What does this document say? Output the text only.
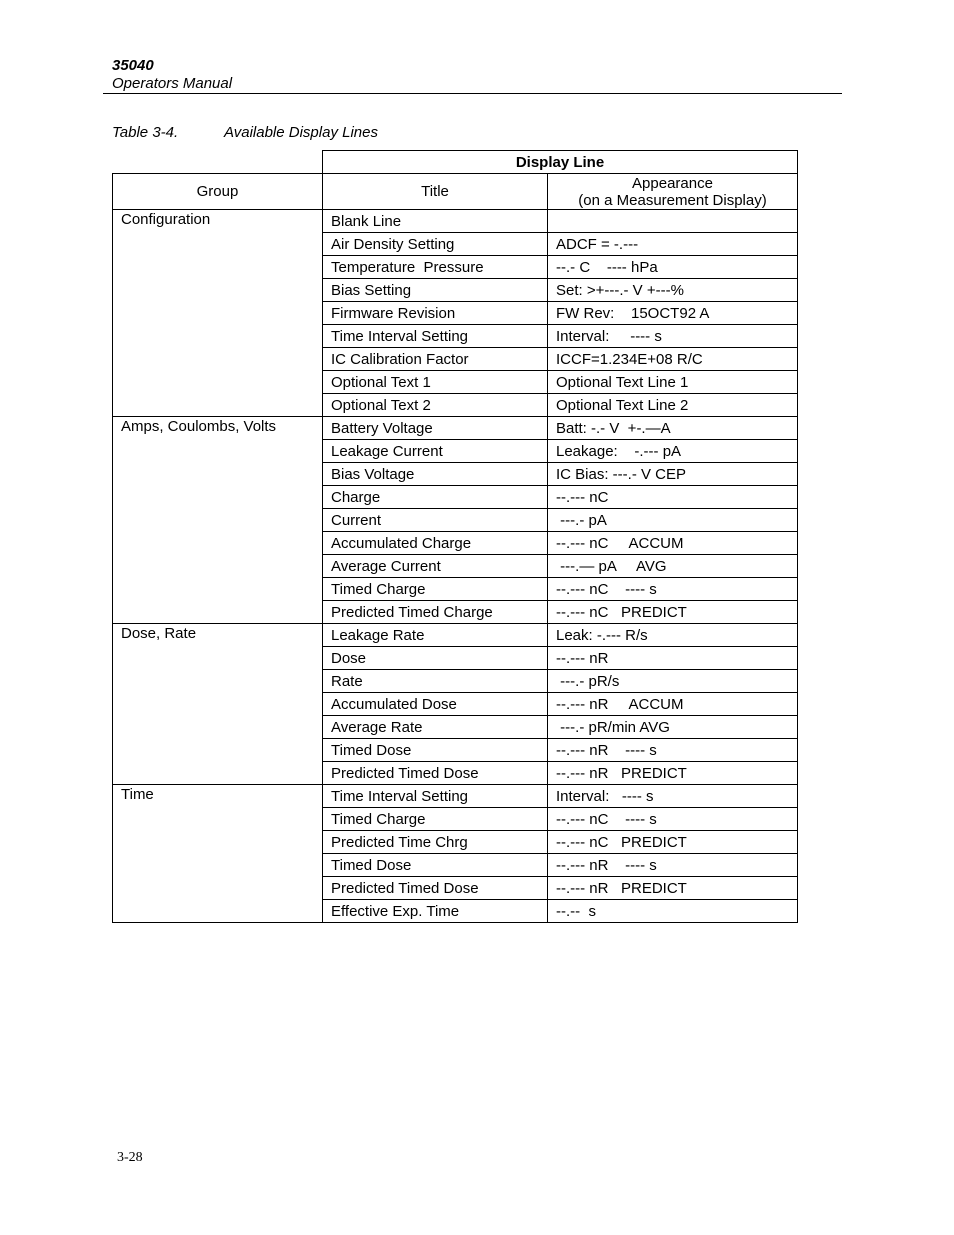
35040
Operators Manual
Table 3-4.	Available Display Lines
	Display Line	
Group	Title	Appearance
(on a Measurement Display)
Configuration	Blank Line	
	Air Density Setting	ADCF = -.---
	Temperature  Pressure	--.- C    ---- hPa
	Bias Setting	Set: >+---.- V +---%
	Firmware Revision	FW Rev:    15OCT92 A
	Time Interval Setting	Interval:     ---- s
	IC Calibration Factor	ICCF=1.234E+08 R/C
	Optional Text 1	Optional Text Line 1
	Optional Text 2	Optional Text Line 2
Amps, Coulombs, Volts	Battery Voltage	Batt: -.- V  +-.—A
	Leakage Current	Leakage:    -.--- pA
	Bias Voltage	IC Bias: ---.- V CEP
	Charge	--.--- nC
	Current	---.- pA
	Accumulated Charge	--.--- nC     ACCUM
	Average Current	---.— pA     AVG
	Timed Charge	--.--- nC    ---- s
	Predicted Timed Charge	--.--- nC   PREDICT
Dose, Rate	Leakage Rate	Leak: -.--- R/s
	Dose	--.--- nR
	Rate	---.- pR/s
	Accumulated Dose	--.--- nR     ACCUM
	Average Rate	---.- pR/min AVG
	Timed Dose	--.--- nR    ---- s
	Predicted Timed Dose	--.--- nR   PREDICT
Time	Time Interval Setting	Interval:   ---- s
	Timed Charge	--.--- nC    ---- s
	Predicted Time Chrg	--.--- nC   PREDICT
	Timed Dose	--.--- nR    ---- s
	Predicted Timed Dose	--.--- nR   PREDICT
	Effective Exp. Time	--.--  s
3-28
